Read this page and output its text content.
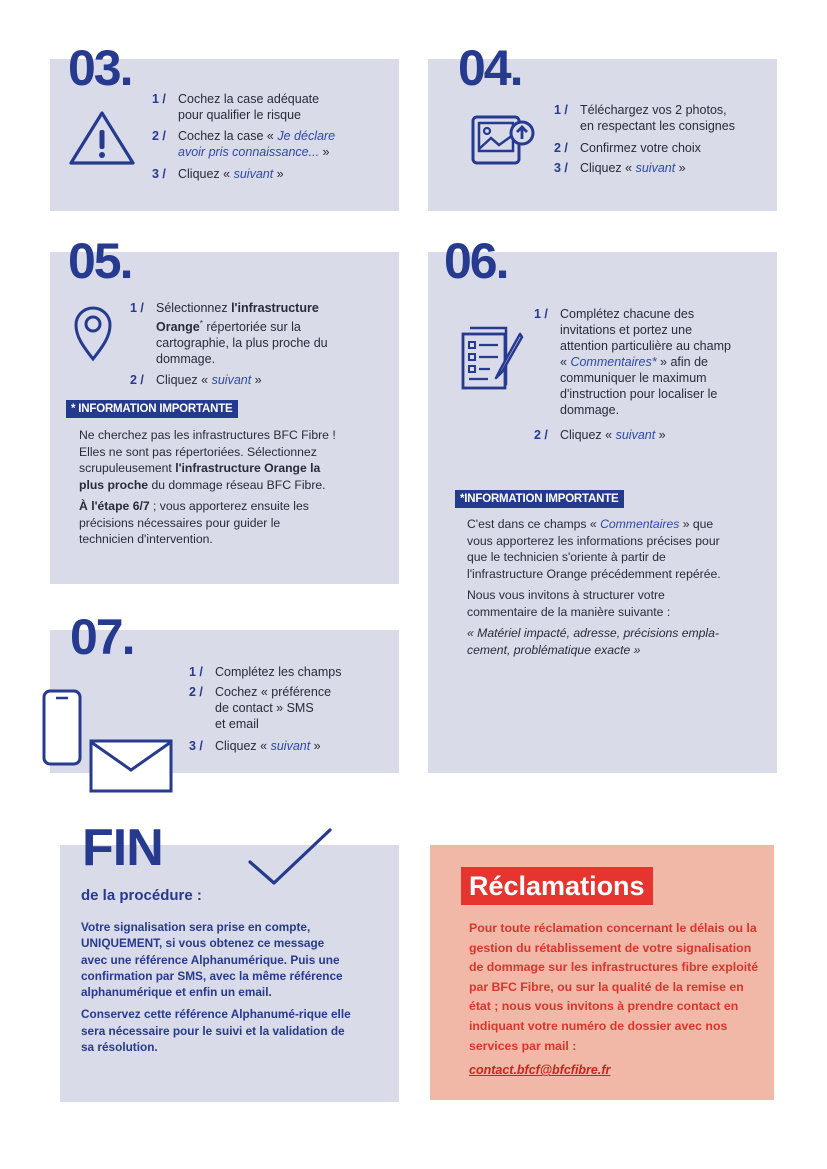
03.
1 / Cochez la case adéquate
pour qualifier le risque
2 / Cochez la case « Je déclare avoir pris connaissance... »
3 / Cliquez « suivant »
04.
1 / Téléchargez vos 2 photos,
en respectant les consignes
2 / Confirmez votre choix
3 / Cliquez « suivant »
05.
1 / Sélectionnez l'infrastructure Orange* répertoriée sur la cartographie, la plus proche du dommage.
2 / Cliquez « suivant »
* INFORMATION IMPORTANTE

Ne cherchez pas les infrastructures BFC Fibre ! Elles ne sont pas répertoriées. Sélectionnez scrupuleusement l'infrastructure Orange la plus proche du dommage réseau BFC Fibre.

À l'étape 6/7 ; vous apporterez ensuite les précisions nécessaires pour guider le technicien d'intervention.

06.
1 / Complétez chacune des invitations et portez une attention particulière au champ « Commentaires* » afin de communiquer le maximum d'instruction pour localiser le dommage.
2 / Cliquez « suivant »
*INFORMATION IMPORTANTE

C'est dans ce champs « Commentaires » que vous apporterez les informations précises pour que le technicien s'oriente à partir de l'infrastructure Orange précédemment repérée.

Nous vous invitons à structurer votre commentaire de la manière suivante :

« Matériel impacté, adresse, précisions empla-cement, problématique exacte »

07.
1 / Complétez les champs
2 / Cochez « préférence
de contact » SMS
et email
3 / Cliquez « suivant »
FIN
de la procédure :

Votre signalisation sera prise en compte, UNIQUEMENT, si vous obtenez ce message avec une référence Alphanumérique. Puis une confirmation par SMS, avec la même référence alphanumérique et enfin un email.

Conservez cette référence Alphanumé-rique elle sera nécessaire pour le suivi et la validation de sa résolution.

Réclamations
Pour toute réclamation concernant le délais ou la gestion du rétablissement de votre signalisation de dommage sur les infrastructures fibre exploité par BFC Fibre, ou sur la qualité de la remise en état ; nous vous invitons à prendre contact en indiquant votre numéro de dossier avec nos services par mail :
contact.bfcf@bfcfibre.fr
